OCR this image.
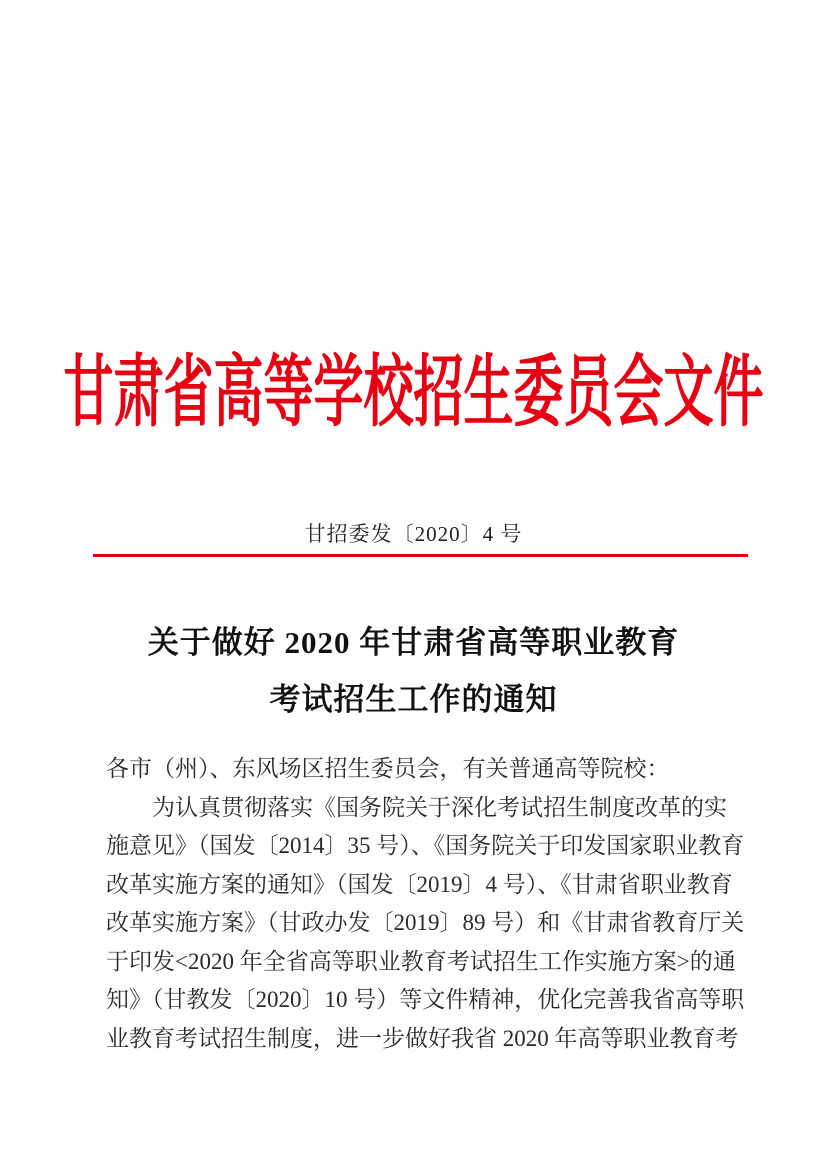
甘肃省高等学校招生委员会文件
甘招委发〔2020〕4 号
关于做好 2020 年甘肃省高等职业教育
考试招生工作的通知
各市（州）、东风场区招生委员会，有关普通高等院校：
为认真贯彻落实《国务院关于深化考试招生制度改革的实
施意见》（国发〔2014〕35 号）、《国务院关于印发国家职业教育
改革实施方案的通知》（国发〔2019〕4 号）、《甘肃省职业教育
改革实施方案》（甘政办发〔2019〕89 号）和《甘肃省教育厅关
于印发<2020 年全省高等职业教育考试招生工作实施方案>的通
知》（甘教发〔2020〕10 号）等文件精神，优化完善我省高等职
业教育考试招生制度，进一步做好我省 2020 年高等职业教育考
